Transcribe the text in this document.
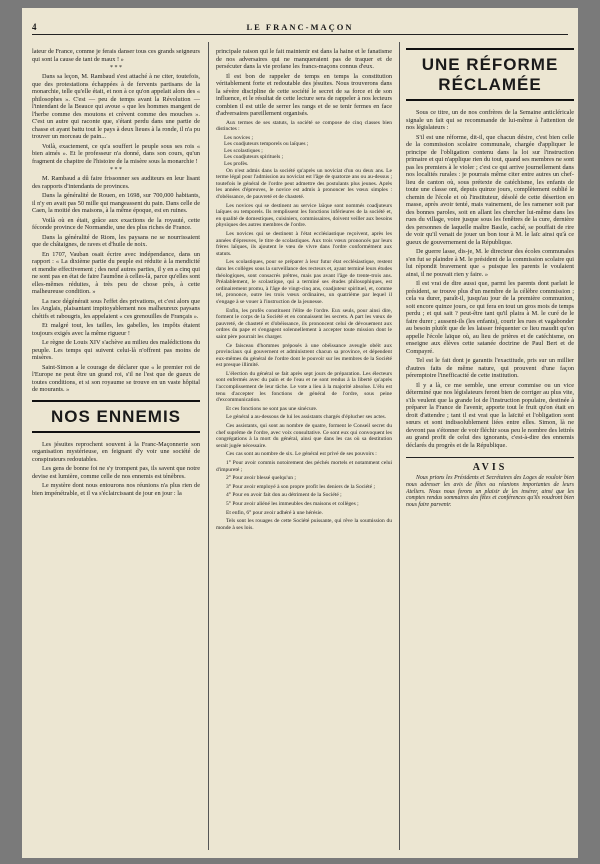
4	LE FRANC-MAÇON

lateur de France, comme je ferais danser tous ces grands seigneurs qui sont la cause de tant de maux ! »

* * *

Dans sa leçon, M. Rambaud s'est attaché à ne citer, toutefois, que des protestations échappées à de fervents partisans de la monarchie, telle qu'elle était, et non à ce qu'on appelait alors des « philosophes ». C'est — peu de temps avant la Révolution — l'intendant de la Beauce qui avoue « que les hommes mangent de l'herbe comme des moutons et crèvent comme des mouches ». C'est un autre qui raconte que, s'étant perdu dans une partie de chasse et ayant battu tout le pays à deux lieues à la ronde, il n'a pu trouver un morceau de pain...

Voilà, exactement, ce qu'a souffert le peuple sous ses rois « bien aimés ». Et le professeur n'a donné, dans son cours, qu'un fragment de chapitre de l'histoire de la misère sous la monarchie !

* * *

M. Rambaud a dû faire frissonner ses auditeurs en leur lisant des rapports d'intendants de provinces.

Dans la généralité de Rouen, en 1698, sur 700,000 habitants, il n'y en avait pas 50 mille qui mangeassent du pain. Dans celle de Caen, la moitié des maisons, à la même époque, est en ruines.

Voilà où en était, grâce aux exactions de la royauté, cette féconde province de Normandie, une des plus riches de France.

Dans la généralité de Riom, les paysans ne se nourrissaient que de châtaignes, de raves et d'huile de noix.

En 1707, Vauban osait écrire avec indépendance, dans un rapport : « La dixième partie du peuple est réduite à la mendicité et mendie effectivement ; des neuf autres parties, il y en a cinq qui ne sont pas en état de faire l'aumône à celles-là, parce qu'elles sont elles-mêmes réduites, à très peu de chose près, à cette malheureuse condition. »

La race dégénérait sous l'effet des privations, et c'est alors que les Anglais, plaisantant impitoyablement nos malheureux paysans chétifs et rabougris, les appelaient « ces grenouilles de Français ».

Et malgré tout, les tailles, les gabelles, les impôts étaient toujours exigés avec la même rigueur !

Le règne de Louis XIV s'achève au milieu des malédictions du peuple. Les temps qui suivent celui-là n'offrent pas moins de misères.

Saint-Simon a le courage de déclarer que « le premier roi de l'Europe ne peut être un grand roi, s'il ne l'est que de gueux de toutes conditions, et si son royaume se trouve en un vaste hôpital de mourants. »

NOS ENNEMIS

Les jésuites reprochent souvent à la Franc-Maçonnerie son organisation mystérieuse, en feignant d'y voir une société de conspirateurs redoutables.

Les gens de bonne foi ne s'y trompent pas, ils savent que notre devise est lumière, comme celle de nos ennemis est ténèbres.

Le mystère dont nous entourons nos réunions n'a plus rien de bien impénétrable, et il va s'éclaircissant de jour en jour : la

principale raison qui le fait maintenir est dans la haine et le fanatisme de nos adversaires qui ne manqueraient pas de traquer et de persécuter dans la vie profane les francs-maçons connus d'eux.

Il est bon de rappeler de temps en temps la constitution véritablement forte et redoutable des jésuites. Nous trouverons dans la sévère discipline de cette société le secret de sa force et de son influence, et le résultat de cette lecture sera de rappeler à nos lecteurs combien il est utile de serrer les rangs et de se tenir fermes en face d'adversaires pareillement organisés.

Aux termes de ses statuts, la société se compose de cinq classes bien distinctes :

Les novices ;

Les coadjuteurs temporels ou laïques ;

Les scolastiques ;

Les coadjuteurs spirituels ;

Les profès.

On n'est admis dans la société qu'après un noviciat d'un ou deux ans. Le terme légal pour l'admission au noviciat est l'âge de quatorze ans ou au-dessus ; toutefois le général de l'ordre peut admettre des postulants plus jeunes. Après les années d'épreuves, le novice est admis à prononcer les vœux simples : d'obéissance, de pauvreté et de chasteté.

Les novices qui se destinent au service laïque sont nommés coadjuteurs laïques ou temporels. Ils remplissent les fonctions inférieures de la société et, en qualité de domestiques, cuisiniers, commissaires, doivent veiller aux besoins physiques des autres membres de l'ordre.

Les novices qui se destinent à l'état ecclésiastique reçoivent, après les années d'épreuves, le titre de scolastiques. Aux trois vœux prononcés par leurs frères laïques, ils ajoutent le vœu de vivre dans l'ordre conformément aux statuts.

Les scolastiques, pour se préparer à leur futur état ecclésiastique, restent dans les collèges sous la surveillance des recteurs et, ayant terminé leurs études théologiques, sont consacrés prêtres, mais pas avant l'âge de trente-trois ans. Préalablement, le scolastique, qui a terminé ses études philosophiques, est ordinairement promu, à l'âge de vingt-cinq ans, coadjuteur spirituel, et, comme tel, prononce, outre les trois vœux ordinaires, un quatrième par lequel il s'engage à se vouer à l'instruction de la jeunesse.

Enfin, les profès constituent l'élite de l'ordre. Eux seuls, pour ainsi dire, forment le corps de la Société et en connaissent les secrets. A part les vœux de pauvreté, de chasteté et d'obéissance, ils prononcent celui de dévouement aux ordres du pape et s'engagent solennellement à accepter toute mission dont le saint père pourrait les charger.

Ce faisceau d'hommes préposés à une obéissance aveugle obéit aux provinciaux qui gouvernent et administrent chacun sa province, et dépendent eux-mêmes du général de l'ordre dont le pouvoir sur les membres de la Société est presque illimité.

L'élection du général se fait après sept jours de préparation. Les électeurs sont enfermés avec du pain et de l'eau et ne sont rendus à la liberté qu'après l'accomplissement de leur tâche. Le vote a lieu à la majorité absolue. L'élu est tenu d'accepter les fonctions de général de l'ordre, sous peine d'excommunication.

Et ces fonctions ne sont pas une sinécure.

Le général a au-dessous de lui les assistants chargés d'éplucher ses actes.

Ces assistants, qui sont au nombre de quatre, forment le Conseil secret du chef suprême de l'ordre, avec voix consultative. Ce sont eux qui convoquent les congrégations à la mort du général, ainsi que dans les cas où sa destitution serait jugée nécessaire.

Ces cas sont au nombre de six. Le général est privé de ses pouvoirs :

1° Pour avoir commis notoirement des péchés mortels et notamment celui d'impureté ;

2° Pour avoir blessé quelqu'un ;

3° Pour avoir employé à son propre profit les deniers de la Société ;

4° Pour en avoir fait don au détriment de la Société ;

5° Pour avoir aliéné les immeubles des maisons et collèges ;

Et enfin, 6° pour avoir adhéré à une hérésie.

Tels sont les rouages de cette Société puissante, qui rêve la soumission du monde à ses lois.

UNE RÉFORME RÉCLAMÉE

Sous ce titre, un de nos confrères de la Semaine anticléricale signale un fait qui se recommande de lui-même à l'attention de nos législateurs :

S'il est une réforme, dit-il, que chacun désire, c'est bien celle de la commission scolaire communale, chargée d'appliquer le principe de l'obligation contenu dans la loi sur l'instruction primaire et qui n'applique rien du tout, quand ses membres ne sont pas les premiers à le violer ; c'est ce qui arrive journellement dans nos localités rurales : je pourrais même citer entre autres un chef-lieu de canton où, sous prétexte de catéchisme, les enfants de toute une classe ont, depuis quinze jours, complètement oublié le chemin de l'école et où l'instituteur, désolé de cette désertion en masse, après avoir tenté, mais vainement, de les ramener soit par des bonnes paroles, soit en allant les chercher lui-même dans les rues du village, voire jusque sous les fenêtres de la cure, dernière des personnes de laquelle maître Basile, caché, se pouffait de rire de voir qu'il venait de jouer un bon tour à M. le laïc ainsi qu'à ce gueux de gouvernement de la République.

De guerre lasse, dis-je, M. le directeur des écoles communales s'en fut se plaindre à M. le président de la commission scolaire qui lui répondit bravement que « puisque les parents le voulaient ainsi, il ne pouvait rien y faire. »

Il est vrai de dire aussi que, parmi les parents dont parlait le président, se trouve plus d'un membre de la célèbre commission ; cela va durer, paraît-il, jusqu'au jour de la première communion, soit encore quinze jours, ce qui fera en tout un gros mois de temps perdu ; et qui sait ? peut-être tant qu'il plaira à M. le curé de le faire durer ; aussent-ils (les enfants), courir les rues et vagabonder au besoin plutôt que de les laisser fréquenter ce lieu maudit qu'on appelle l'école laïque où, au lieu de prières et de catéchisme, on enseigne aux élèves cette satanée doctrine de Paul Bert et de Compayré.

Tel est le fait dont je garantis l'exactitude, pris sur un millier d'autres faits de même nature, qui prouvent d'une façon péremptoire l'inefficacité de cette institution.

Il y a là, ce me semble, une erreur commise ou un vice déterminé que nos législateurs feront bien de corriger au plus vite, s'ils veulent que la grande loi de l'instruction populaire, destinée à préparer la France de l'avenir, apporte tout le fruit qu'on était en droit d'attendre ; tant il est vrai que la laïcité et l'obligation sont sœurs et sont indissolublement liées entre elles. Simon, là ne devront pas s'étonner de voir fléchir sous peu le nombre des lettrés au grand profit de celui des ignorants, c'est-à-dire des ennemis déclarés du progrès et de la République.

AVIS

Nous prions les Présidents et Secrétaires des Loges de vouloir bien nous adresser les avis de fêtes ou réunions importantes de leurs Ateliers. Nous nous ferons un plaisir de les insérer, ainsi que les comptes rendus sommaires des fêtes et conférences qu'ils voudront bien nous faire parvenir.
